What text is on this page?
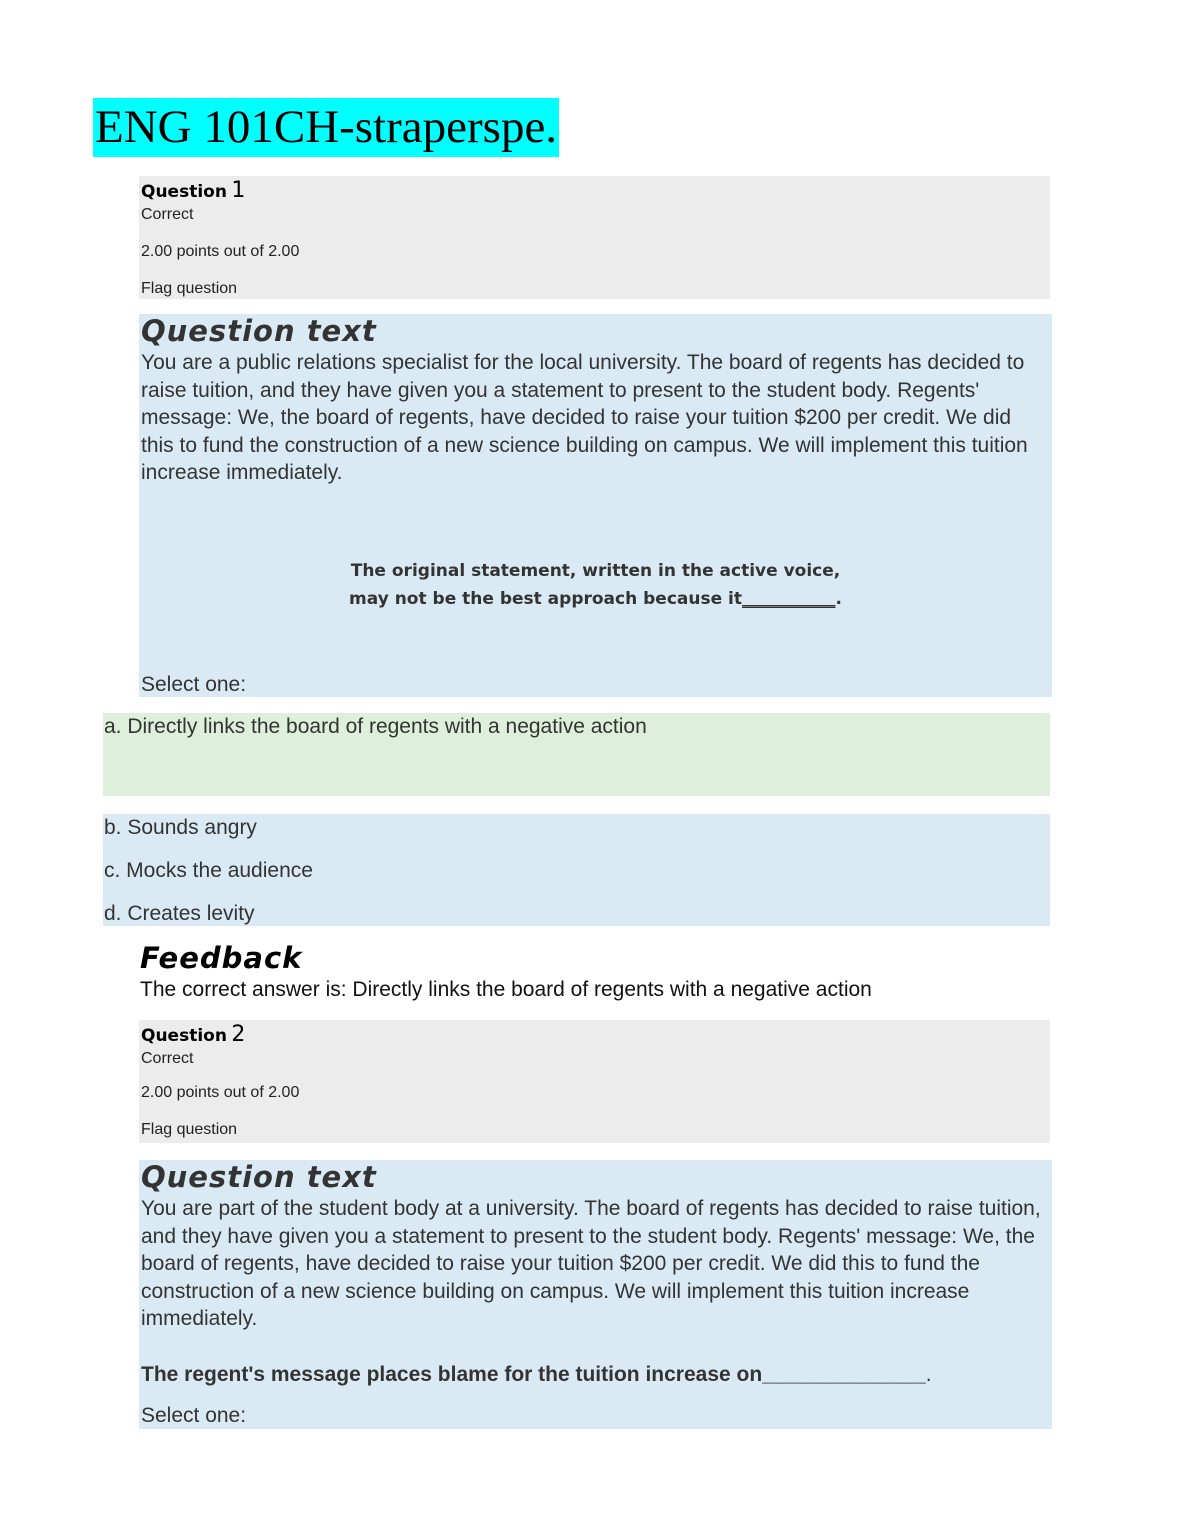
ENG 101CH-straperspe.
Question 1
Correct
2.00 points out of 2.00
Flag question
Question text
You are a public relations specialist for the local university. The board of regents has decided to raise tuition, and they have given you a statement to present to the student body. Regents' message: We, the board of regents, have decided to raise your tuition $200 per credit. We did this to fund the construction of a new science building on campus. We will implement this tuition increase immediately.
The original statement, written in the active voice,
may not be the best approach because it___________.
Select one:
a. Directly links the board of regents with a negative action
b. Sounds angry
c. Mocks the audience
d. Creates levity
Feedback
The correct answer is: Directly links the board of regents with a negative action
Question 2
Correct
2.00 points out of 2.00
Flag question
Question text
You are part of the student body at a university. The board of regents has decided to raise tuition, and they have given you a statement to present to the student body. Regents' message: We, the board of regents, have decided to raise your tuition $200 per credit. We did this to fund the construction of a new science building on campus. We will implement this tuition increase immediately.
The regent's message places blame for the tuition increase on______________.
Select one:
